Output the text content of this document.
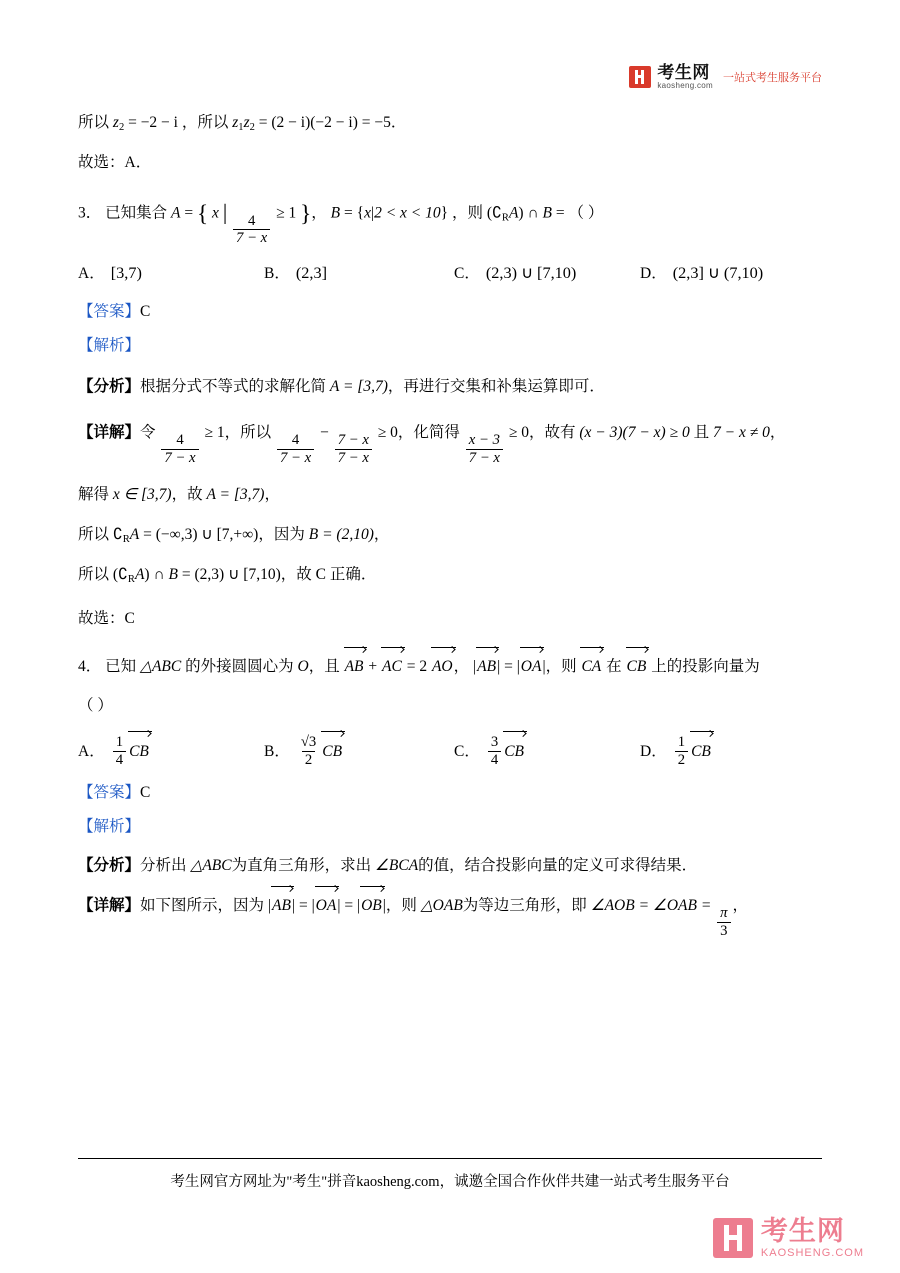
考生网
kaosheng.com
一站式考生服务平台
所以 $z_2 = -2 - i$ ，所以 $z_1z_2 = (2 - i)(-2 - i) = -5$．
故选：A．
3． 已知集合 A = { x |
$\frac{4}{7 - x}$
≥ 1 }， B = {x|2 < x < 10} ，则 $(∁_RA)$ ∩ B = （ ）
A． [3,7)	B． (2,3]	C． (2,3) ∪ [7,10)	D． (2,3] ∪ (7,10)
【答案】C
【解析】
【分析】根据分式不等式的求解化简 A = [3,7)，再进行交集和补集运算即可．
【详解】令
$\frac{4}{7 - x}$
≥ 1，所以
$\frac{4}{7 - x}$
−
$\frac{7 - x}{7 - x}$
≥ 0，化简得
$\frac{x - 3}{7 - x}$
≥ 0，故有 (x − 3)(7 − x) ≥ 0 且 7 − x ≠ 0，
解得 x ∈ [3,7)，故 A = [3,7)，
所以 $∁_RA = (-\infty,3)$ ∪ [7,+∞)，因为 B = (2,10)，
所以 $(∁_RA)$ ∩ B = (2,3) ∪ [7,10)，故 C 正确．
故选：C
4． 已知 △ABC 的外接圆圆心为 O，且 AB + AC = 2 AO， |AB| = |OA|，则 CA 在 CB 上的投影向量为
（ ）
A． $\frac{1}{4}$ CB	B． $\frac{√3}{2}$ CB	C． $\frac{3}{4}$ CB	D． $\frac{1}{2}$ CB
【答案】C
【解析】
【分析】分析出 △ABC为直角三角形，求出 ∠BCA的值，结合投影向量的定义可求得结果．
【详解】如下图所示，因为 |AB| = |OA| = |OB|，则 △OAB为等边三角形，即 ∠AOB = ∠OAB =
$\frac{\pi}{3}$
，
考生网官方网址为"考生"拼音kaosheng.com，诚邀全国合作伙伴共建一站式考生服务平台
考生网
KAOSHENG.COM
